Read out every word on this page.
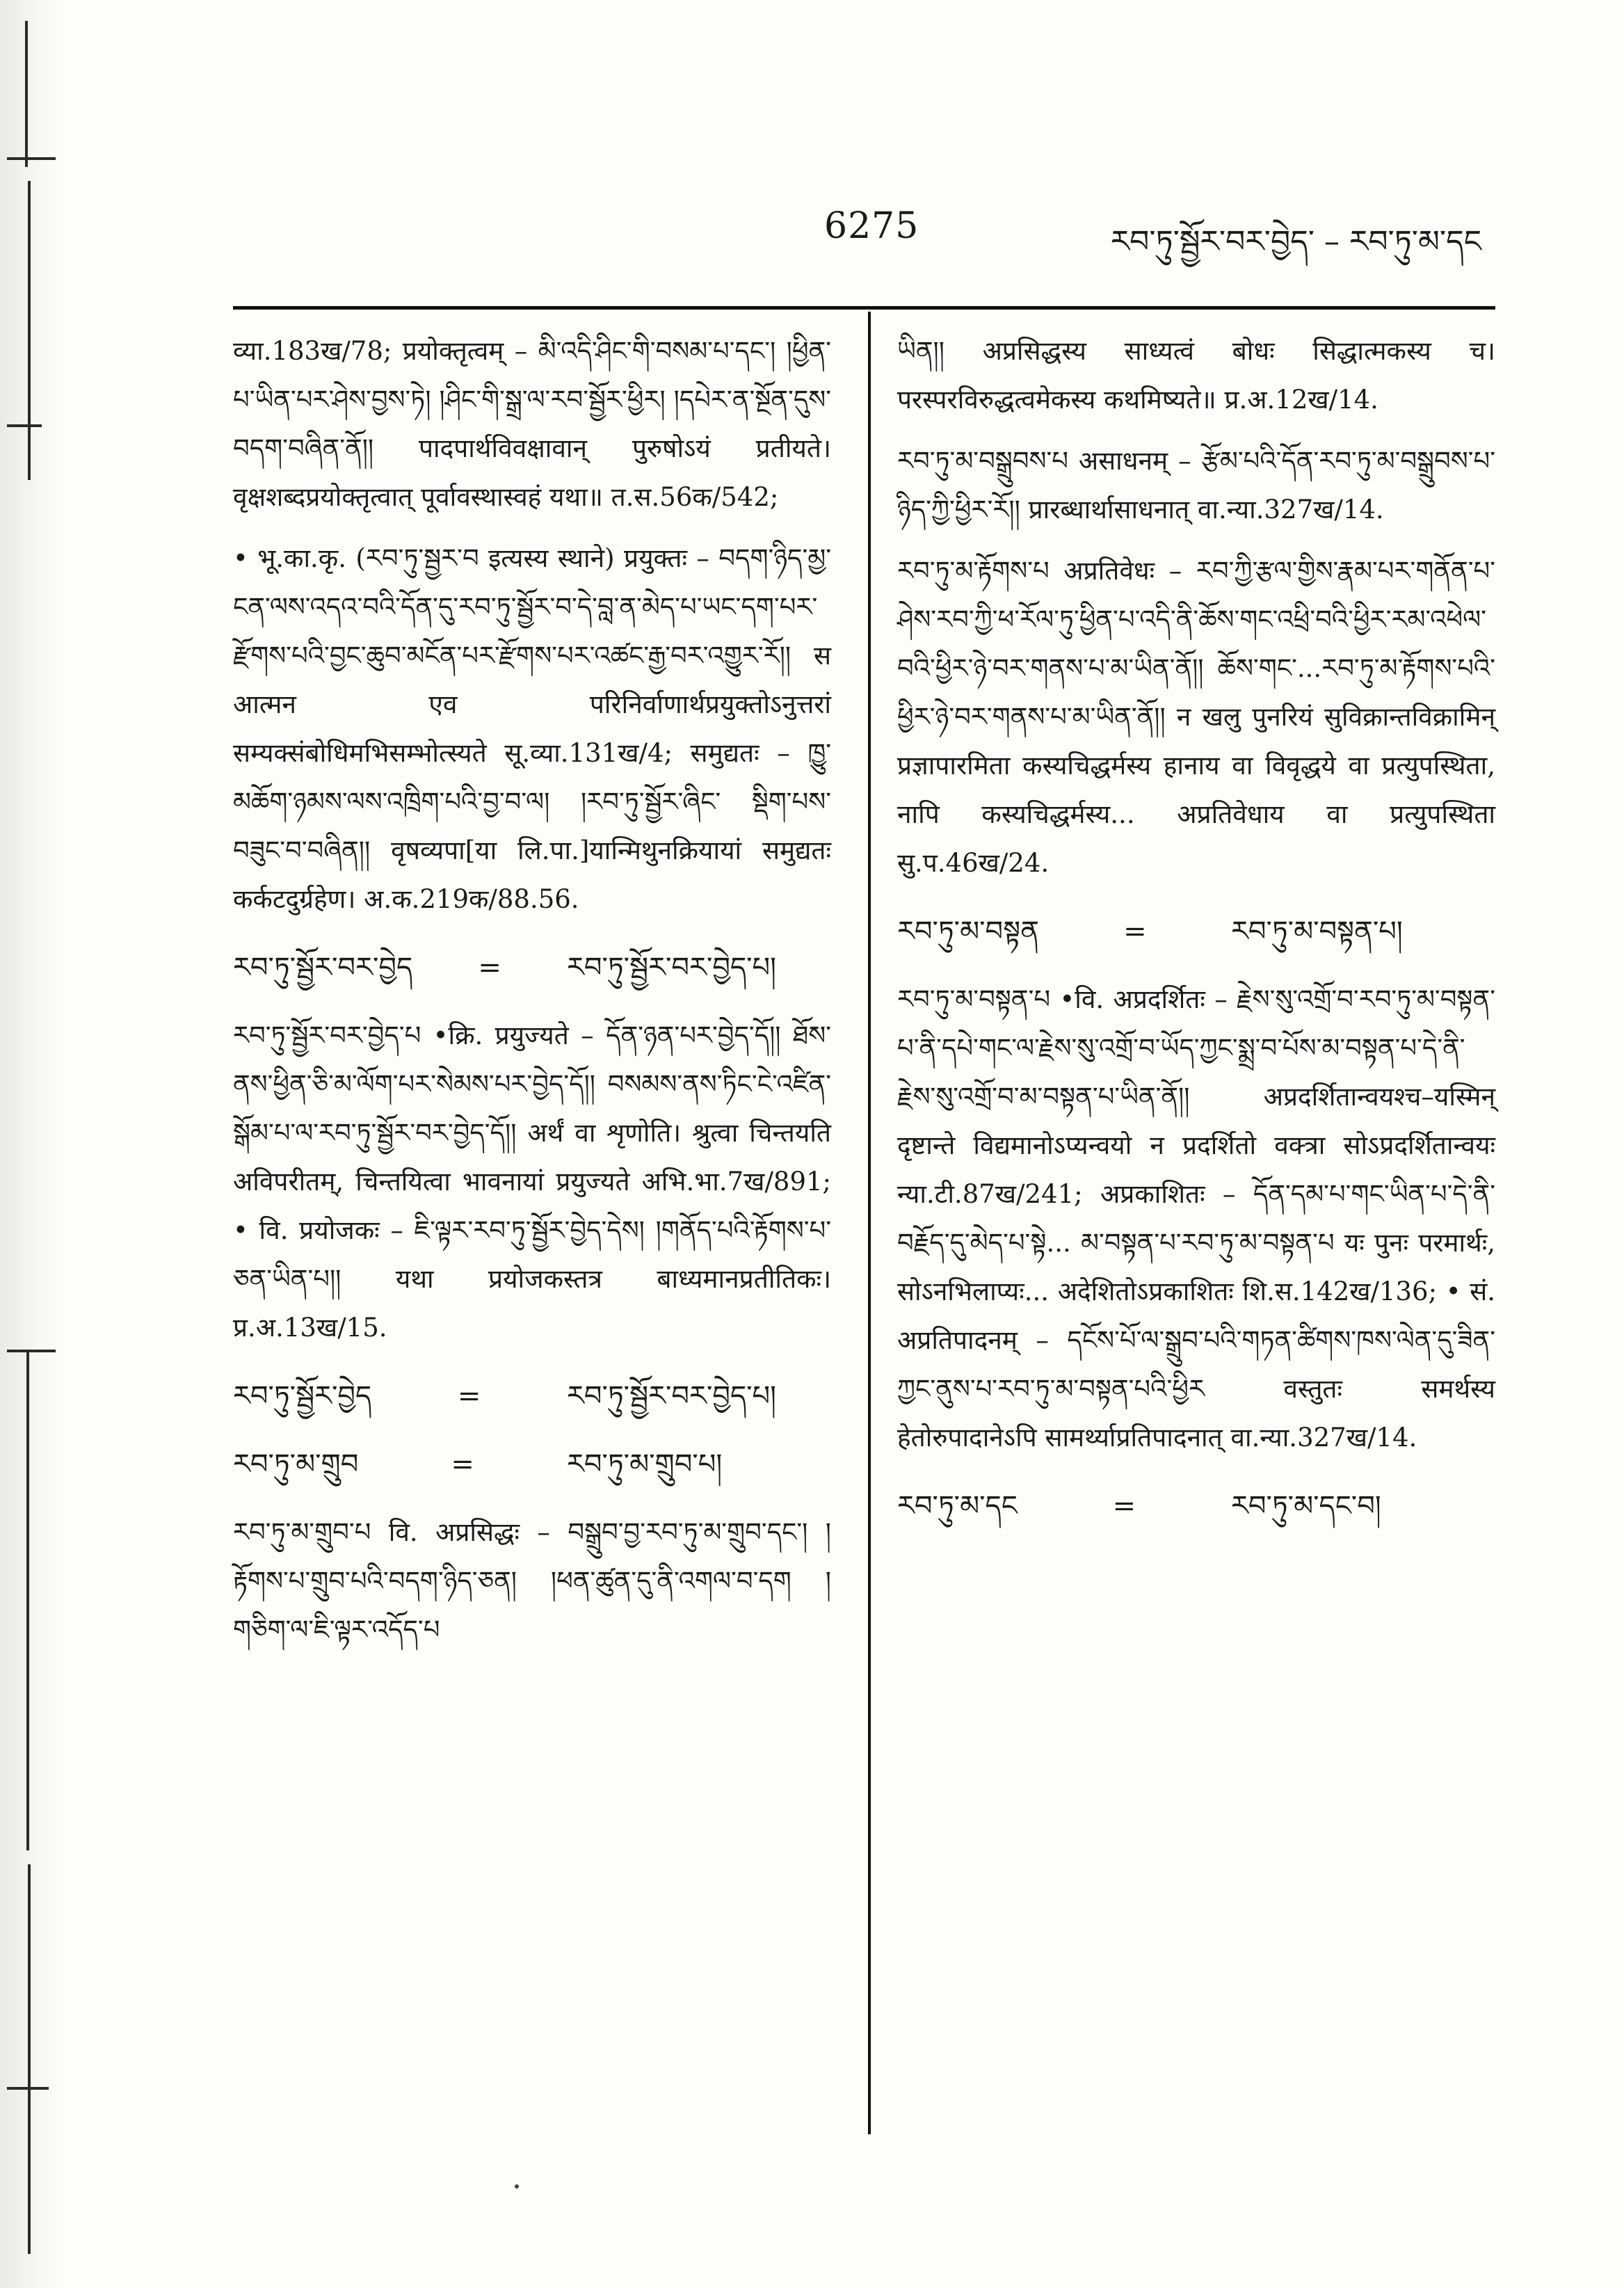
6275	རབ་ཏུ་སྦྱོར་བར་བྱེད་ – རབ་ཏུ་མ་དང

व्या.183ख/78; प्रयोक्तृत्वम् – མི་འདི་ཤིང་གི་བསམ་པ་དང་། །ཕྱིན་པ་ཡིན་པར་ཤེས་བྱས་ཏེ། །ཤིང་གི་སྒྲ་ལ་རབ་སྦྱོར་ཕྱིར། །དཔེར་ན་སྔོན་དུས་བདག་བཞིན་ནོ།། पादपार्थविवक्षावान् पुरुषोऽयं प्रतीयते। वृक्षशब्दप्रयोक्तृत्वात् पूर्वावस्थास्वहं यथा॥ त.स.56क/542;

• भू.का.कृ. (རབ་ཏུ་སྦྱར་བ इत्यस्य स्थाने) प्रयुक्तः – བདག་ཉིད་མྱ་ངན་ལས་འདའ་བའི་དོན་དུ་རབ་ཏུ་སྦྱོར་བ་དེ་བླ་ན་མེད་པ་ཡང་དག་པར་རྫོགས་པའི་བྱང་ཆུབ་མངོན་པར་རྫོགས་པར་འཚང་རྒྱ་བར་འགྱུར་རོ།། स आत्मन एव परिनिर्वाणार्थप्रयुक्तोऽनुत्तरां सम्यक्संबोधिमभिसम्भोत्स्यते सू.व्या.131ख/4; समुद्यतः – ཁྱུ་མཆོག་ཉམས་ལས་འཁྲིག་པའི་བྱ་བ་ལ། །རབ་ཏུ་སྦྱོར་ཞིང་ སྡིག་པས་བཟུང་བ་བཞིན།། वृषव्यपा[या लि.पा.]यान्मिथुनक्रियायां समुद्यतः कर्कटदुर्ग्रहेण। अ.क.219क/88.56.

རབ་ཏུ་སྦྱོར་བར་བྱེད	=	རབ་ཏུ་སྦྱོར་བར་བྱེད་པ།

རབ་ཏུ་སྦྱོར་བར་བྱེད་པ •क्रि. प्रयुज्यते – དོན་ཉན་པར་བྱེད་དོ།། ཐོས་ནས་ཕྱིན་ཅི་མ་ལོག་པར་སེམས་པར་བྱེད་དོ།། བསམས་ནས་ཏིང་ངེ་འཛིན་སྒོམ་པ་ལ་རབ་ཏུ་སྦྱོར་བར་བྱེད་དོ།། अर्थं वा शृणोति। श्रुत्वा चिन्तयति अविपरीतम्, चिन्तयित्वा भावनायां प्रयुज्यते अभि.भा.7ख/891; • वि. प्रयोजकः – ཇི་ལྟར་རབ་ཏུ་སྦྱོར་བྱེད་དེས། །གནོད་པའི་རྟོགས་པ་ཅན་ཡིན་པ།། यथा प्रयोजकस्तत्र बाध्यमानप्रतीतिकः। प्र.अ.13ख/15.

རབ་ཏུ་སྦྱོར་བྱེད	=	རབ་ཏུ་སྦྱོར་བར་བྱེད་པ།
རབ་ཏུ་མ་གྲུབ	=	རབ་ཏུ་མ་གྲུབ་པ།

རབ་ཏུ་མ་གྲུབ་པ वि. अप्रसिद्धः – བསྒྲུབ་བྱ་རབ་ཏུ་མ་གྲུབ་དང་། །རྟོགས་པ་གྲུབ་པའི་བདག་ཉིད་ཅན། །ཕན་ཚུན་དུ་ནི་འགལ་བ་དག །གཅིག་ལ་ཇི་ལྟར་འདོད་པ

ཡིན།། अप्रसिद्धस्य साध्यत्वं बोधः सिद्धात्मकस्य च। परस्परविरुद्धत्वमेकस्य कथमिष्यते॥ प्र.अ.12ख/14.

རབ་ཏུ་མ་བསྒྲུབས་པ असाधनम् – རྩོམ་པའི་དོན་རབ་ཏུ་མ་བསྒྲུབས་པ་ཉིད་ཀྱི་ཕྱིར་རོ།། प्रारब्धार्थासाधनात् वा.न्या.327ख/14.

རབ་ཏུ་མ་རྟོགས་པ अप्रतिवेधः – རབ་ཀྱི་རྩལ་གྱིས་རྣམ་པར་གནོན་པ་ཤེས་རབ་ཀྱི་ཕ་རོལ་ཏུ་ཕྱིན་པ་འདི་ནི་ཆོས་གང་འཕྲི་བའི་ཕྱིར་རམ་འཕེལ་བའི་ཕྱིར་ཉེ་བར་གནས་པ་མ་ཡིན་ནོ།། ཆོས་གང་...རབ་ཏུ་མ་རྟོགས་པའི་ཕྱིར་ཉེ་བར་གནས་པ་མ་ཡིན་ནོ།། न खलु पुनरियं सुविक्रान्तविक्रामिन् प्रज्ञापारमिता कस्यचिद्धर्मस्य हानाय वा विवृद्धये वा प्रत्युपस्थिता, नापि कस्यचिद्धर्मस्य... अप्रतिवेधाय वा प्रत्युपस्थिता सु.प.46ख/24.

རབ་ཏུ་མ་བསྟན	=	རབ་ཏུ་མ་བསྟན་པ།

རབ་ཏུ་མ་བསྟན་པ •वि. अप्रदर्शितः – རྗེས་སུ་འགྲོ་བ་རབ་ཏུ་མ་བསྟན་པ་ནི་དཔེ་གང་ལ་རྗེས་སུ་འགྲོ་བ་ཡོད་ཀྱང་སྨྲ་བ་པོས་མ་བསྟན་པ་དེ་ནི་རྗེས་སུ་འགྲོ་བ་མ་བསྟན་པ་ཡིན་ནོ།། अप्रदर्शितान्वयश्च–यस्मिन् दृष्टान्ते विद्यमानोऽप्यन्वयो न प्रदर्शितो वक्त्रा सोऽप्रदर्शितान्वयः न्या.टी.87ख/241; अप्रकाशितः – དོན་དམ་པ་གང་ཡིན་པ་དེ་ནི་བརྗོད་དུ་མེད་པ་སྟེ... མ་བསྟན་པ་རབ་ཏུ་མ་བསྟན་པ यः पुनः परमार्थः, सोऽनभिलाप्यः... अदेशितोऽप्रकाशितः शि.स.142ख/136; • सं. अप्रतिपादनम् – དངོས་པོ་ལ་སྒྲུབ་པའི་གཏན་ཚིགས་ཁས་ལེན་དུ་ཟིན་ཀྱང་ནུས་པ་རབ་ཏུ་མ་བསྟན་པའི་ཕྱིར वस्तुतः समर्थस्य हेतोरुपादानेऽपि सामर्थ्याप्रतिपादनात् वा.न्या.327ख/14.

རབ་ཏུ་མ་དང	=	རབ་ཏུ་མ་དང་བ།
